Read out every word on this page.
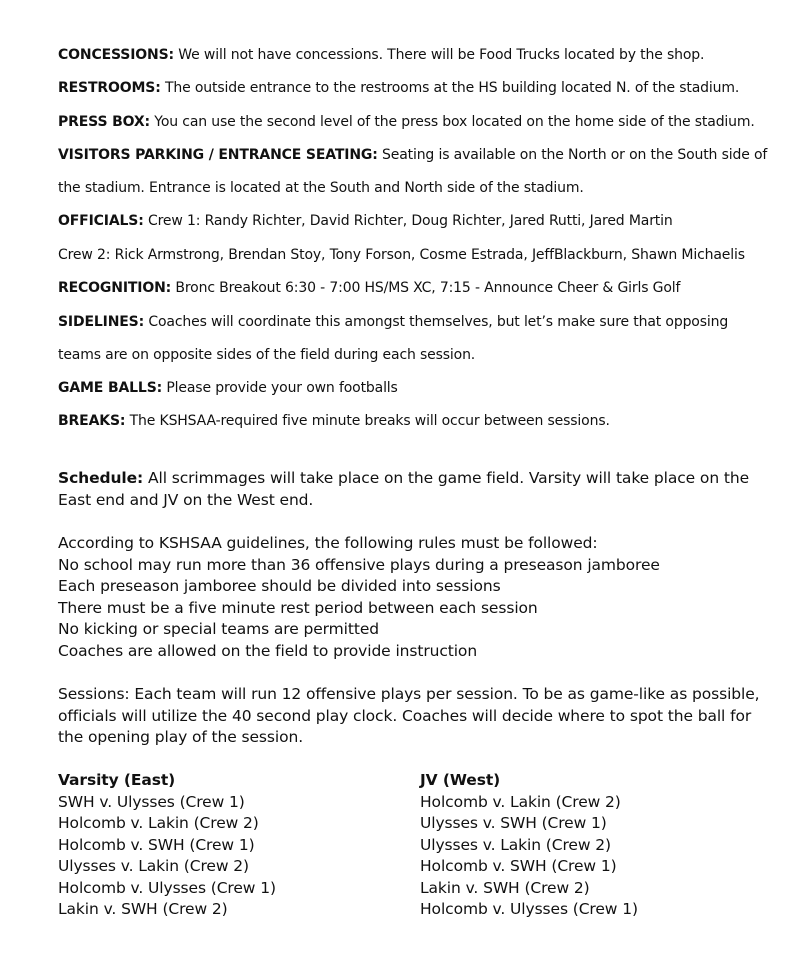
CONCESSIONS: We will not have concessions. There will be Food Trucks located by the shop.
RESTROOMS: The outside entrance to the restrooms at the HS building located N. of the stadium.
PRESS BOX: You can use the second level of the press box located on the home side of the stadium.
VISITORS PARKING / ENTRANCE SEATING: Seating is available on the North or on the South side of
the stadium. Entrance is located at the South and North side of the stadium.
OFFICIALS: Crew 1: Randy Richter, David Richter, Doug Richter, Jared Rutti, Jared Martin
Crew 2: Rick Armstrong, Brendan Stoy, Tony Forson, Cosme Estrada, JeffBlackburn, Shawn Michaelis
RECOGNITION: Bronc Breakout 6:30 - 7:00 HS/MS XC, 7:15 - Announce Cheer & Girls Golf
SIDELINES: Coaches will coordinate this amongst themselves, but let’s make sure that opposing
teams are on opposite sides of the field during each session.
GAME BALLS: Please provide your own footballs
BREAKS: The KSHSAA-required five minute breaks will occur between sessions.
Schedule: All scrimmages will take place on the game field. Varsity will take place on the
East end and JV on the West end.
According to KSHSAA guidelines, the following rules must be followed:
No school may run more than 36 offensive plays during a preseason jamboree
Each preseason jamboree should be divided into sessions
There must be a five minute rest period between each session
No kicking or special teams are permitted
Coaches are allowed on the field to provide instruction
Sessions: Each team will run 12 offensive plays per session. To be as game-like as possible,
officials will utilize the 40 second play clock. Coaches will decide where to spot the ball for
the opening play of the session.
Varsity (East)
SWH v. Ulysses (Crew 1)
Holcomb v. Lakin (Crew 2)
Holcomb v. SWH (Crew 1)
Ulysses v. Lakin (Crew 2)
Holcomb v. Ulysses (Crew 1)
Lakin v. SWH (Crew 2)
JV (West)
Holcomb v. Lakin (Crew 2)
Ulysses v. SWH (Crew 1)
Ulysses v. Lakin (Crew 2)
Holcomb v. SWH (Crew 1)
Lakin v. SWH (Crew 2)
Holcomb v. Ulysses (Crew 1)
